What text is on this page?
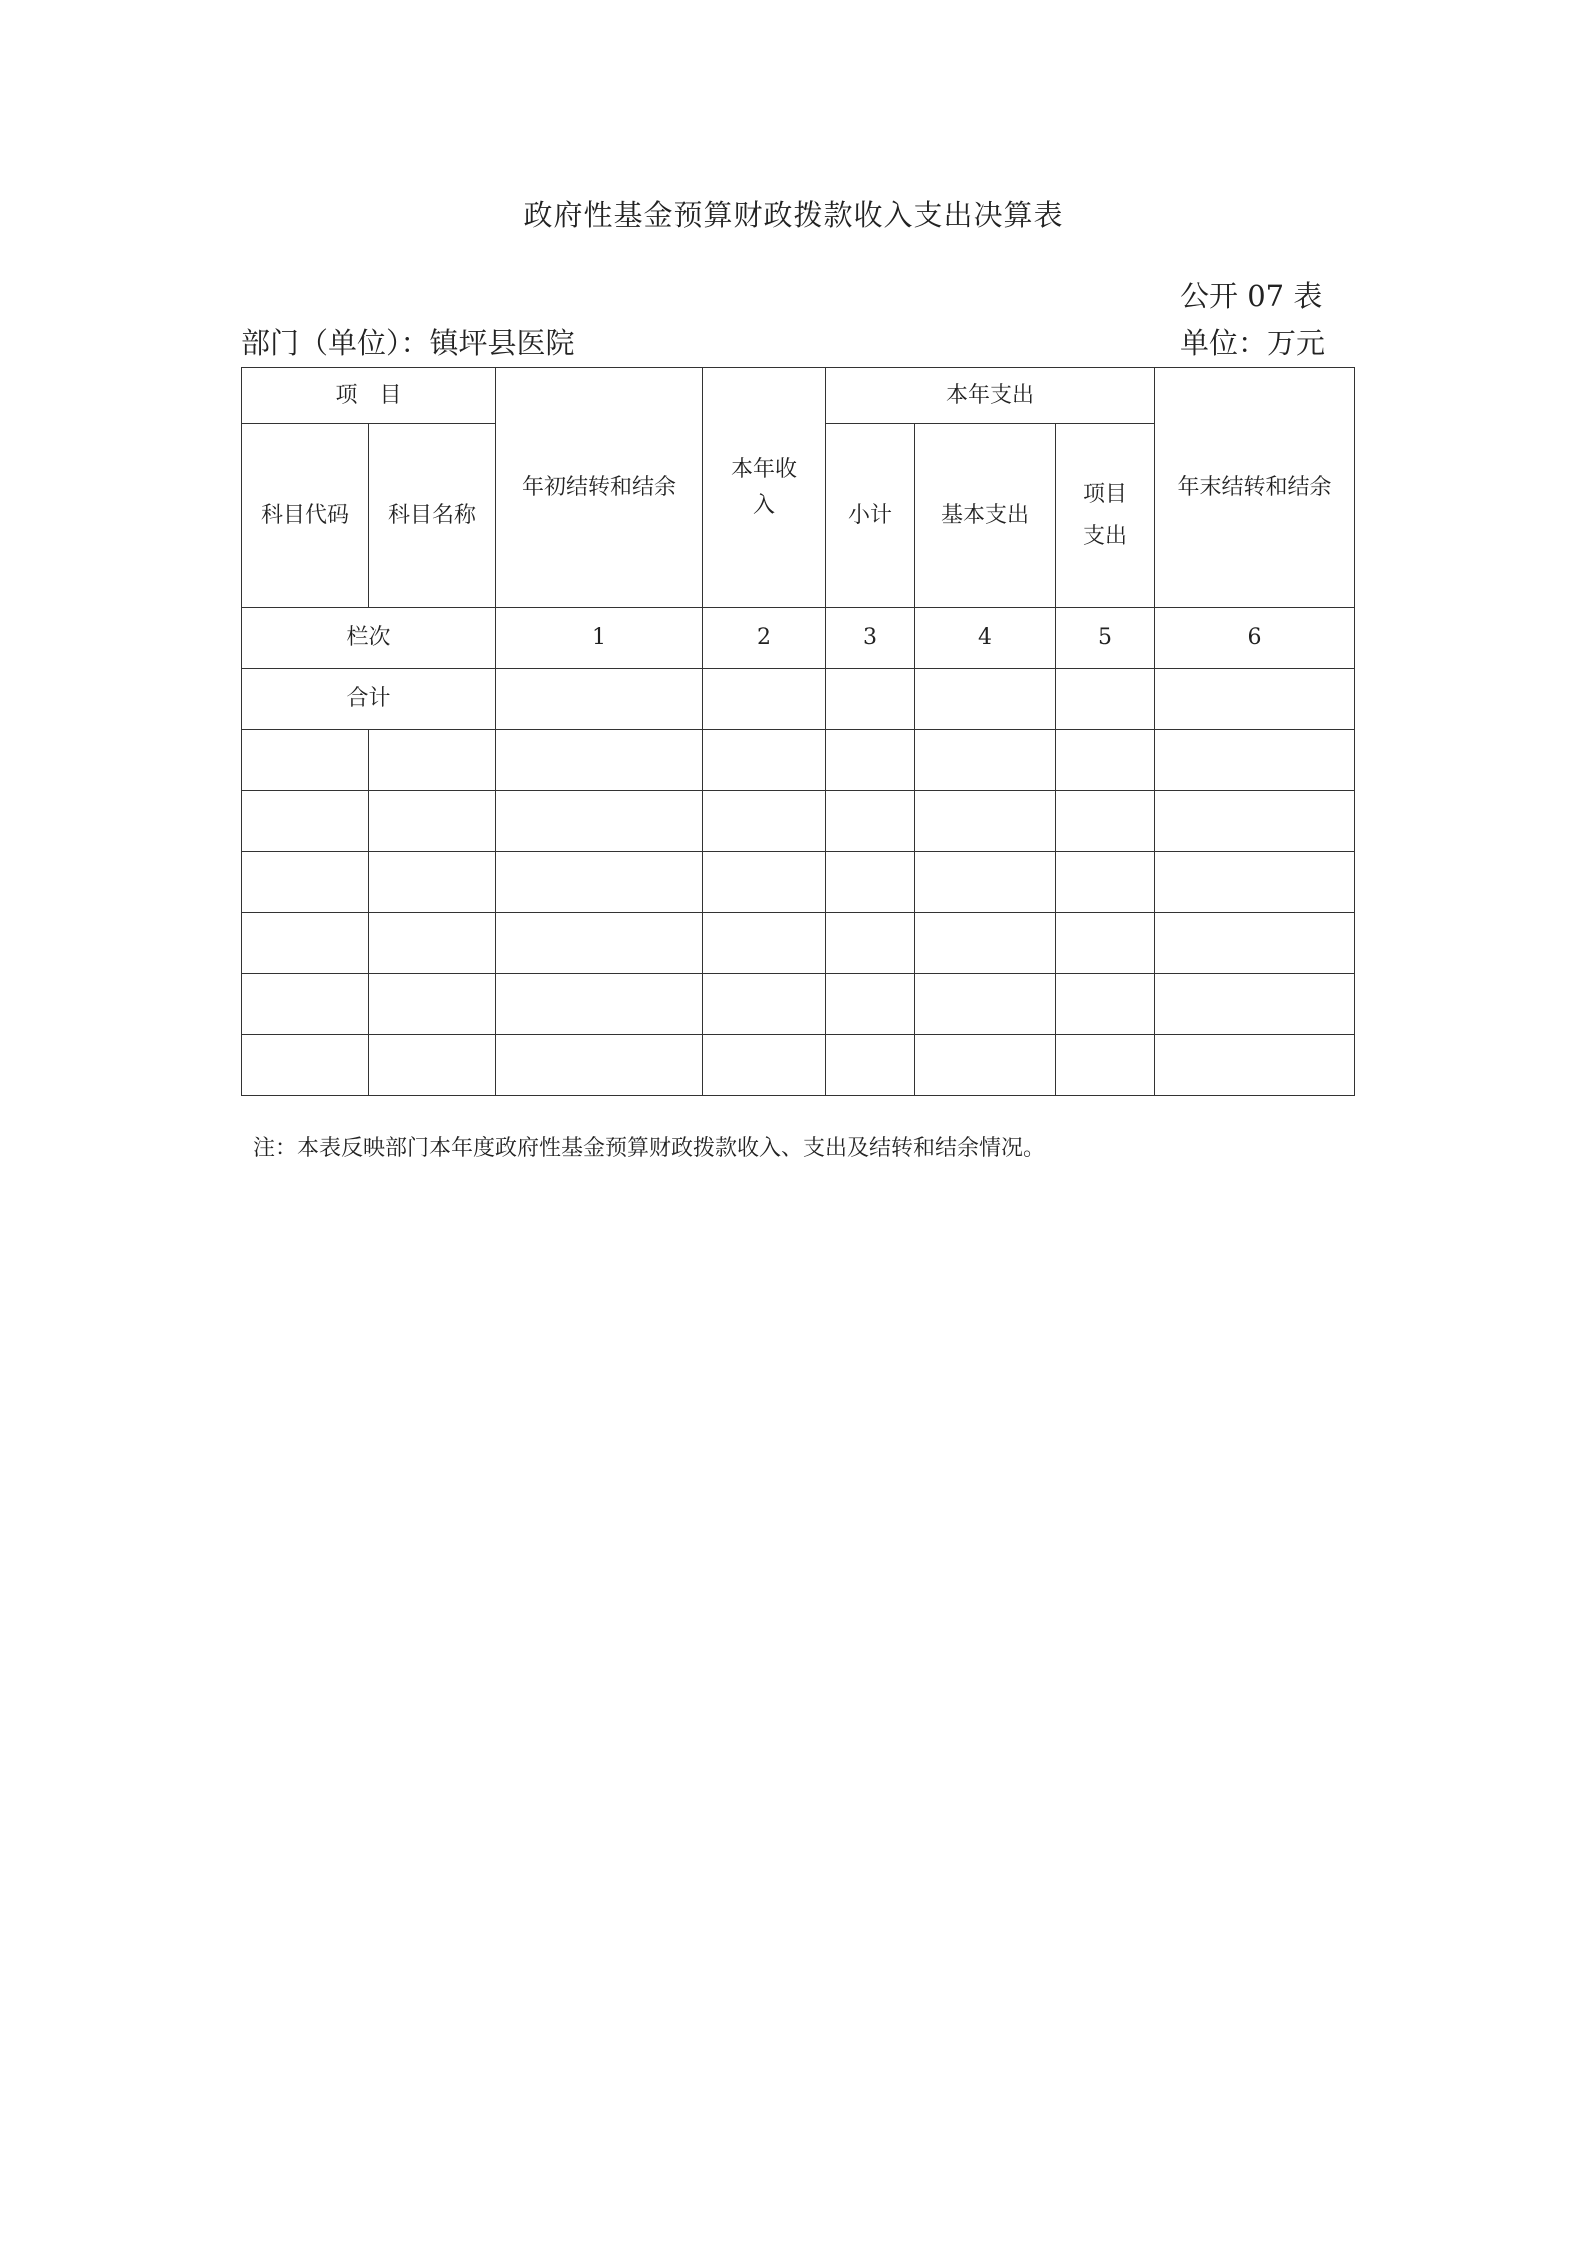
政府性基金预算财政拨款收入支出决算表
公开 07 表
部门（单位）：镇坪县医院	单位：万元
项　目		年初结转和结余	本年收入	本年支出			年末结转和结余
科目代码	科目名称			小计	基本支出	项目支出	

栏次		1	2	3	4	5	6
合计							

注：本表反映部门本年度政府性基金预算财政拨款收入、支出及结转和结余情况。
